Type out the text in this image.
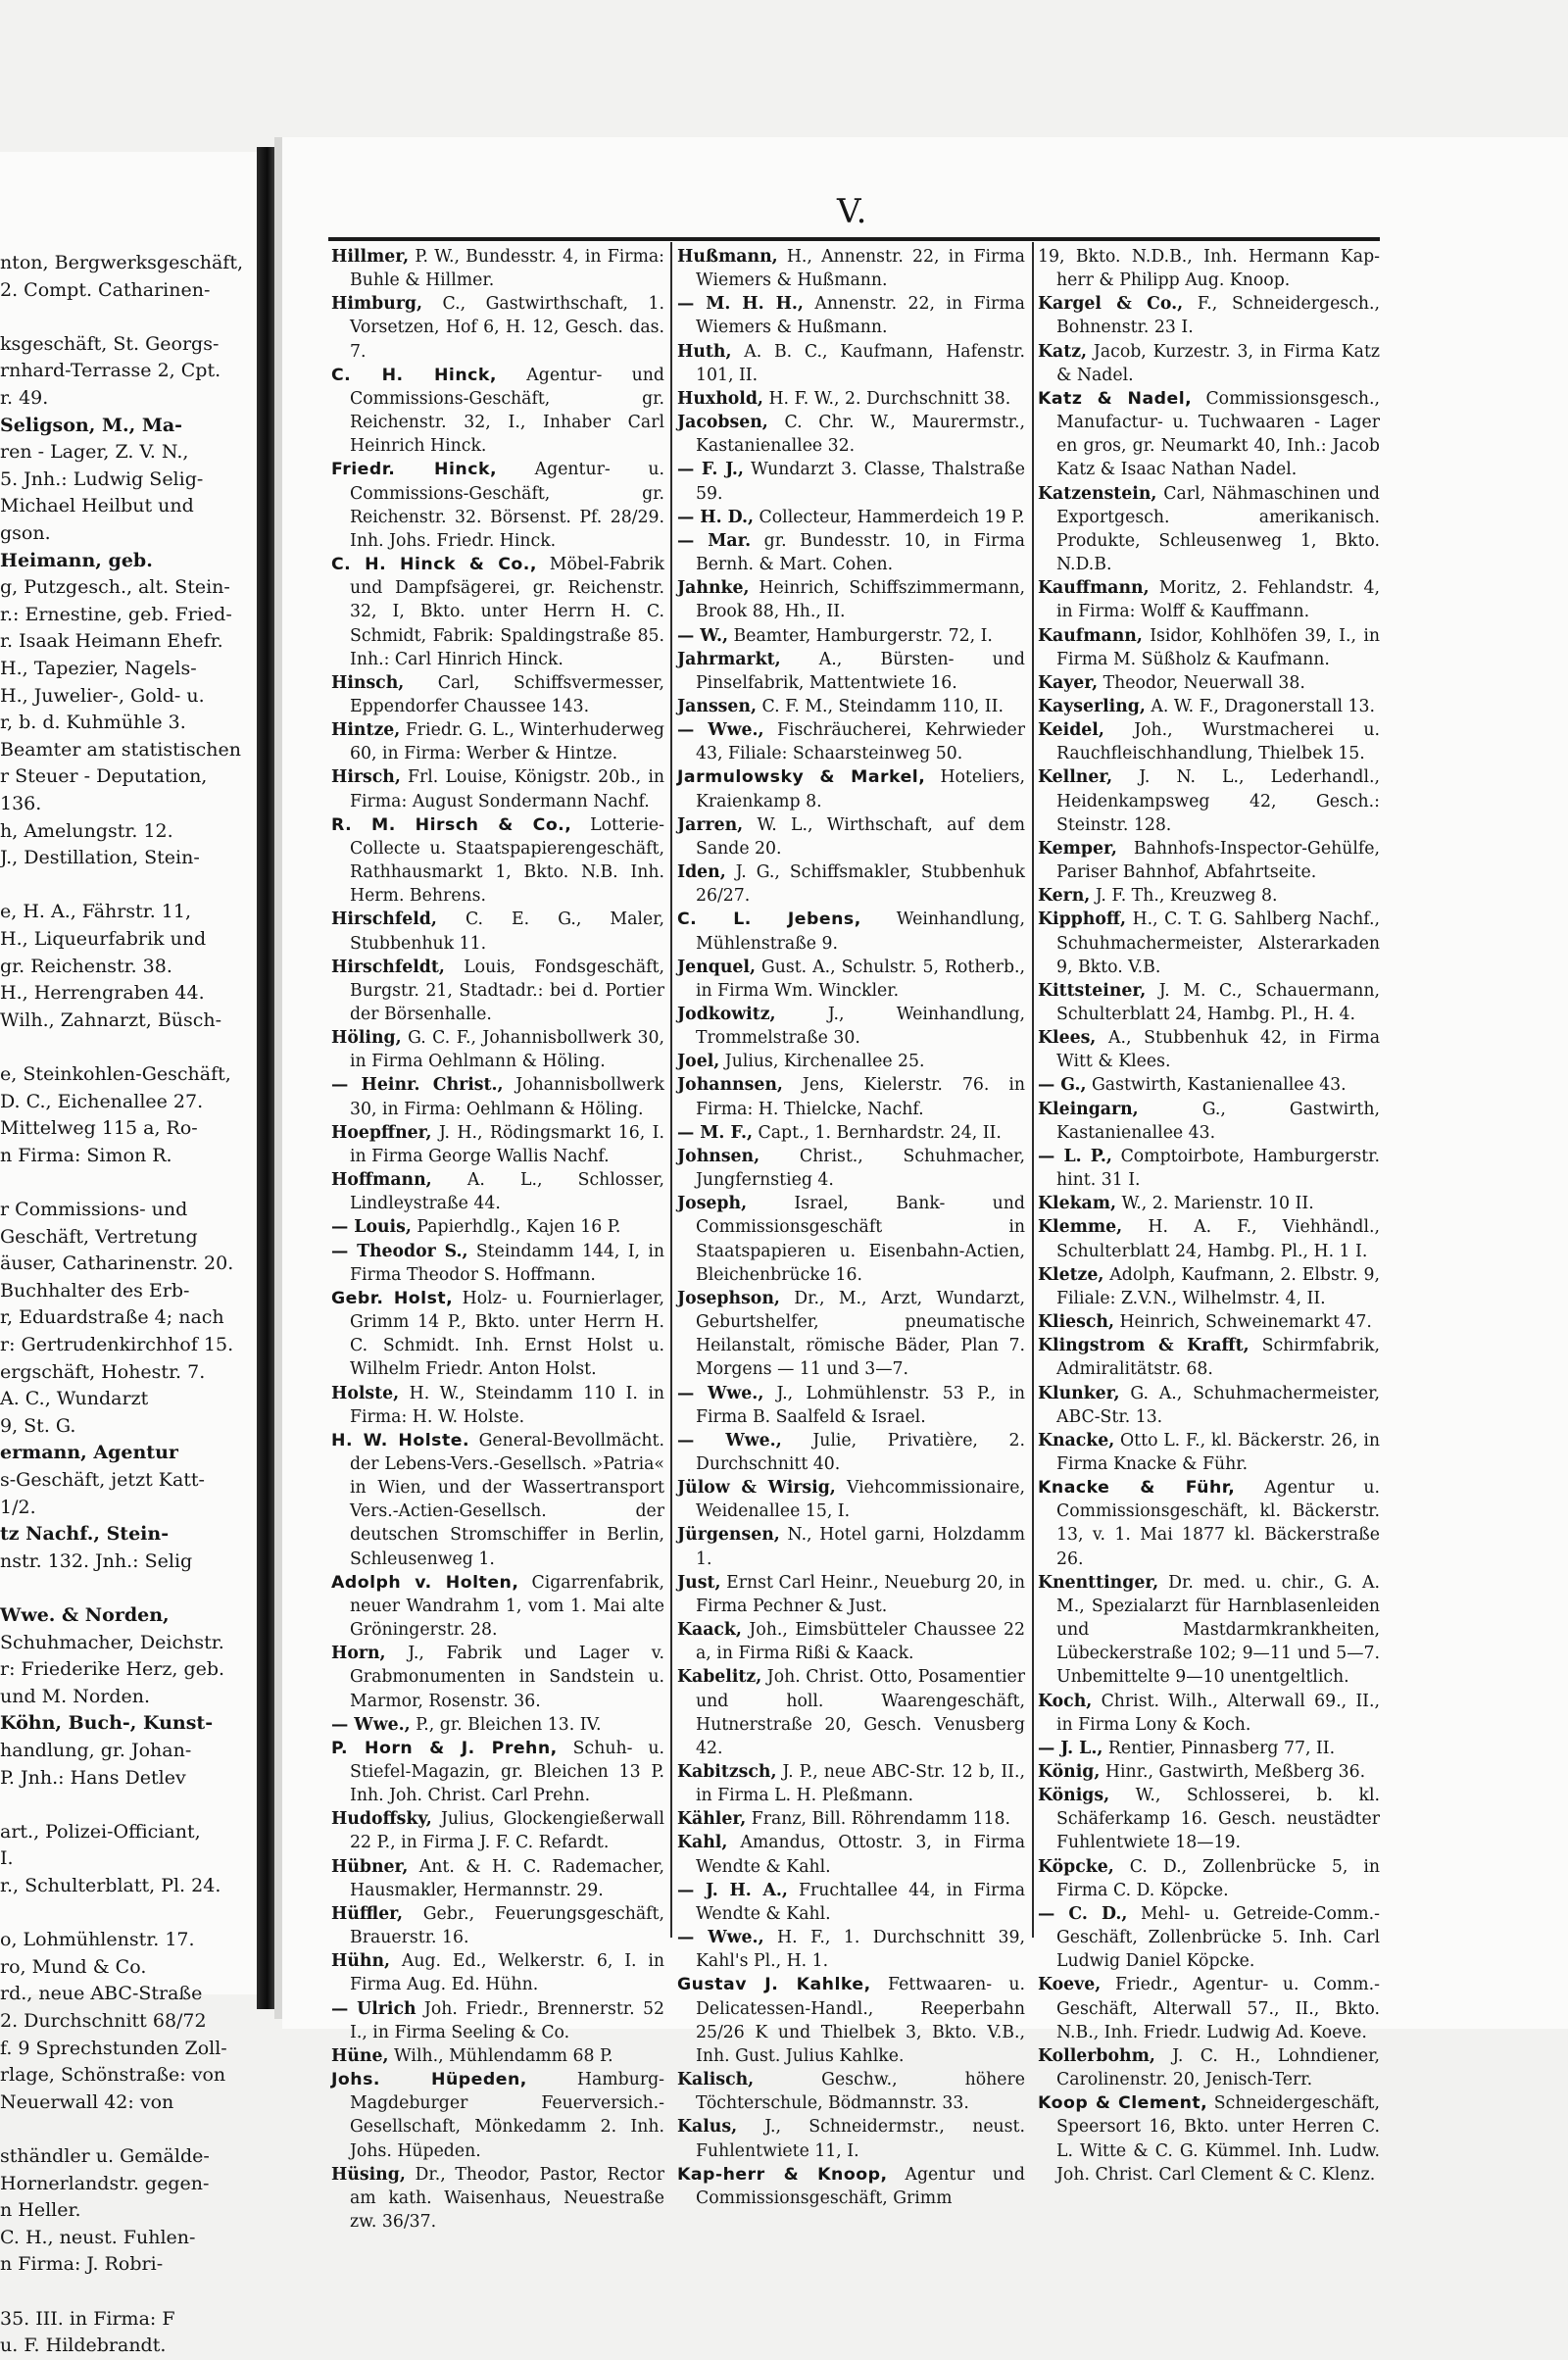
nton, Bergwerksgeschäft,
2. Compt. Catharinen-
ksgeschäft, St. Georgs-
rnhard-Terrasse 2, Cpt.
r. 49.
Seligson, M., Ma-
ren - Lager, Z. V. N.,
5. Jnh.: Ludwig Selig-
Michael Heilbut und
gson.
Heimann, geb.
g, Putzgesch., alt. Stein-
r.: Ernestine, geb. Fried-
r. Isaak Heimann Ehefr.
H., Tapezier, Nagels-
H., Juwelier-, Gold- u.
r, b. d. Kuhmühle 3.
Beamter am statistischen
r Steuer - Deputation,
136.
h, Amelungstr. 12.
J., Destillation, Stein-
e, H. A., Fährstr. 11,
H., Liqueurfabrik und
gr. Reichenstr. 38.
H., Herrengraben 44.
Wilh., Zahnarzt, Büsch-
e, Steinkohlen-Geschäft,
D. C., Eichenallee 27.
Mittelweg 115 a, Ro-
n Firma: Simon R.
r Commissions- und
Geschäft, Vertretung
äuser, Catharinenstr. 20.
Buchhalter des Erb-
r, Eduardstraße 4; nach
r: Gertrudenkirchhof 15.
ergschäft, Hohestr. 7.
A. C., Wundarzt
9, St. G.
ermann, Agentur
s-Geschäft, jetzt Katt-
1/2.
tz Nachf., Stein-
nstr. 132. Jnh.: Selig
Wwe. & Norden,
Schuhmacher, Deichstr.
r: Friederike Herz, geb.
und M. Norden.
Köhn, Buch-, Kunst-
handlung, gr. Johan-
P. Jnh.: Hans Detlev
art., Polizei-Officiant,
I.
r., Schulterblatt, Pl. 24.
o, Lohmühlenstr. 17.
ro, Mund & Co.
rd., neue ABC-Straße
2. Durchschnitt 68/72
f. 9 Sprechstunden Zoll-
rlage, Schönstraße: von
Neuerwall 42: von
sthändler u. Gemälde-
Hornerlandstr. gegen-
n Heller.
C. H., neust. Fuhlen-
n Firma: J. Robri-
35. III. in Firma: F
u. F. Hildebrandt.
V.
Hillmer, P. W., Bundesstr. 4, in Firma: Buhle & Hillmer.
Himburg, C., Gastwirthschaft, 1. Vorsetzen, Hof 6, H. 12, Gesch. das. 7.
C. H. Hinck, Agentur- und Commissions-Geschäft, gr. Reichenstr. 32, I., Inhaber Carl Heinrich Hinck.
Friedr. Hinck, Agentur- u. Commissions-Geschäft, gr. Reichenstr. 32. Börsenst. Pf. 28/29. Inh. Johs. Friedr. Hinck.
C. H. Hinck & Co., Möbel-Fabrik und Dampfsägerei, gr. Reichenstr. 32, I, Bkto. unter Herrn H. C. Schmidt, Fabrik: Spaldingstraße 85. Inh.: Carl Hinrich Hinck.
Hinsch, Carl, Schiffsvermesser, Eppendorfer Chaussee 143.
Hintze, Friedr. G. L., Winterhuderweg 60, in Firma: Werber & Hintze.
Hirsch, Frl. Louise, Königstr. 20b., in Firma: August Sondermann Nachf.
R. M. Hirsch & Co., Lotterie-Collecte u. Staatspapierengeschäft, Rathhausmarkt 1, Bkto. N.B. Inh. Herm. Behrens.
Hirschfeld, C. E. G., Maler, Stubbenhuk 11.
Hirschfeldt, Louis, Fondsgeschäft, Burgstr. 21, Stadtadr.: bei d. Portier der Börsenhalle.
Höling, G. C. F., Johannisbollwerk 30, in Firma Oehlmann & Höling.
— Heinr. Christ., Johannisbollwerk 30, in Firma: Oehlmann & Höling.
Hoepffner, J. H., Rödingsmarkt 16, I. in Firma George Wallis Nachf.
Hoffmann, A. L., Schlosser, Lindleystraße 44.
— Louis, Papierhdlg., Kajen 16 P.
— Theodor S., Steindamm 144, I, in Firma Theodor S. Hoffmann.
Gebr. Holst, Holz- u. Fournierlager, Grimm 14 P., Bkto. unter Herrn H. C. Schmidt. Inh. Ernst Holst u. Wilhelm Friedr. Anton Holst.
Holste, H. W., Steindamm 110 I. in Firma: H. W. Holste.
H. W. Holste. General-Bevollmächt. der Lebens-Vers.-Gesellsch. »Patria« in Wien, und der Wassertransport Vers.-Actien-Gesellsch. der deutschen Stromschiffer in Berlin, Schleusenweg 1.
Adolph v. Holten, Cigarrenfabrik, neuer Wandrahm 1, vom 1. Mai alte Gröningerstr. 28.
Horn, J., Fabrik und Lager v. Grabmonumenten in Sandstein u. Marmor, Rosenstr. 36.
— Wwe., P., gr. Bleichen 13. IV.
P. Horn & J. Prehn, Schuh- u. Stiefel-Magazin, gr. Bleichen 13 P. Inh. Joh. Christ. Carl Prehn.
Hudoffsky, Julius, Glockengießerwall 22 P., in Firma J. F. C. Refardt.
Hübner, Ant. & H. C. Rademacher, Hausmakler, Hermannstr. 29.
Hüffler, Gebr., Feuerungsgeschäft, Brauerstr. 16.
Hühn, Aug. Ed., Welkerstr. 6, I. in Firma Aug. Ed. Hühn.
— Ulrich Joh. Friedr., Brennerstr. 52 I., in Firma Seeling & Co.
Hüne, Wilh., Mühlendamm 68 P.
Johs. Hüpeden, Hamburg-Magdeburger Feuerversich.-Gesellschaft, Mönkedamm 2. Inh. Johs. Hüpeden.
Hüsing, Dr., Theodor, Pastor, Rector am kath. Waisenhaus, Neuestraße zw. 36/37.
Hußmann, H., Annenstr. 22, in Firma Wiemers & Hußmann.
— M. H. H., Annenstr. 22, in Firma Wiemers & Hußmann.
Huth, A. B. C., Kaufmann, Hafenstr. 101, II.
Huxhold, H. F. W., 2. Durchschnitt 38.
Jacobsen, C. Chr. W., Maurermstr., Kastanienallee 32.
— F. J., Wundarzt 3. Classe, Thalstraße 59.
— H. D., Collecteur, Hammerdeich 19 P.
— Mar. gr. Bundesstr. 10, in Firma Bernh. & Mart. Cohen.
Jahnke, Heinrich, Schiffszimmermann, Brook 88, Hh., II.
— W., Beamter, Hamburgerstr. 72, I.
Jahrmarkt, A., Bürsten- und Pinselfabrik, Mattentwiete 16.
Janssen, C. F. M., Steindamm 110, II.
— Wwe., Fischräucherei, Kehrwieder 43, Filiale: Schaarsteinweg 50.
Jarmulowsky & Markel, Hoteliers, Kraienkamp 8.
Jarren, W. L., Wirthschaft, auf dem Sande 20.
Iden, J. G., Schiffsmakler, Stubbenhuk 26/27.
C. L. Jebens, Weinhandlung, Mühlenstraße 9.
Jenquel, Gust. A., Schulstr. 5, Rotherb., in Firma Wm. Winckler.
Jodkowitz, J., Weinhandlung, Trommelstraße 30.
Joel, Julius, Kirchenallee 25.
Johannsen, Jens, Kielerstr. 76. in Firma: H. Thielcke, Nachf.
— M. F., Capt., 1. Bernhardstr. 24, II.
Johnsen, Christ., Schuhmacher, Jungfernstieg 4.
Joseph, Israel, Bank- und Commissionsgeschäft in Staatspapieren u. Eisenbahn-Actien, Bleichenbrücke 16.
Josephson, Dr., M., Arzt, Wundarzt, Geburtshelfer, pneumatische Heilanstalt, römische Bäder, Plan 7. Morgens — 11 und 3—7.
— Wwe., J., Lohmühlenstr. 53 P., in Firma B. Saalfeld & Israel.
— Wwe., Julie, Privatière, 2. Durchschnitt 40.
Jülow & Wirsig, Viehcommissionaire, Weidenallee 15, I.
Jürgensen, N., Hotel garni, Holzdamm 1.
Just, Ernst Carl Heinr., Neueburg 20, in Firma Pechner & Just.
Kaack, Joh., Eimsbütteler Chaussee 22 a, in Firma Rißi & Kaack.
Kabelitz, Joh. Christ. Otto, Posamentier und holl. Waarengeschäft, Hutnerstraße 20, Gesch. Venusberg 42.
Kabitzsch, J. P., neue ABC-Str. 12 b, II., in Firma L. H. Pleßmann.
Kähler, Franz, Bill. Röhrendamm 118.
Kahl, Amandus, Ottostr. 3, in Firma Wendte & Kahl.
— J. H. A., Fruchtallee 44, in Firma Wendte & Kahl.
— Wwe., H. F., 1. Durchschnitt 39, Kahl's Pl., H. 1.
Gustav J. Kahlke, Fettwaaren- u. Delicatessen-Handl., Reeperbahn 25/26 K und Thielbek 3, Bkto. V.B., Inh. Gust. Julius Kahlke.
Kalisch, Geschw., höhere Töchterschule, Bödmannstr. 33.
Kalus, J., Schneidermstr., neust. Fuhlentwiete 11, I.
Kap-herr & Knoop, Agentur und Commissionsgeschäft, Grimm
19, Bkto. N.D.B., Inh. Hermann Kap-herr & Philipp Aug. Knoop.
Kargel & Co., F., Schneidergesch., Bohnenstr. 23 I.
Katz, Jacob, Kurzestr. 3, in Firma Katz & Nadel.
Katz & Nadel, Commissionsgesch., Manufactur- u. Tuchwaaren - Lager en gros, gr. Neumarkt 40, Inh.: Jacob Katz & Isaac Nathan Nadel.
Katzenstein, Carl, Nähmaschinen und Exportgesch. amerikanisch. Produkte, Schleusenweg 1, Bkto. N.D.B.
Kauffmann, Moritz, 2. Fehlandstr. 4, in Firma: Wolff & Kauffmann.
Kaufmann, Isidor, Kohlhöfen 39, I., in Firma M. Süßholz & Kaufmann.
Kayer, Theodor, Neuerwall 38.
Kayserling, A. W. F., Dragonerstall 13.
Keidel, Joh., Wurstmacherei u. Rauchfleischhandlung, Thielbek 15.
Kellner, J. N. L., Lederhandl., Heidenkampsweg 42, Gesch.: Steinstr. 128.
Kemper, Bahnhofs-Inspector-Gehülfe, Pariser Bahnhof, Abfahrtseite.
Kern, J. F. Th., Kreuzweg 8.
Kipphoff, H., C. T. G. Sahlberg Nachf., Schuhmachermeister, Alsterarkaden 9, Bkto. V.B.
Kittsteiner, J. M. C., Schauermann, Schulterblatt 24, Hambg. Pl., H. 4.
Klees, A., Stubbenhuk 42, in Firma Witt & Klees.
— G., Gastwirth, Kastanienallee 43.
Kleingarn, G., Gastwirth, Kastanienallee 43.
— L. P., Comptoirbote, Hamburgerstr. hint. 31 I.
Klekam, W., 2. Marienstr. 10 II.
Klemme, H. A. F., Viehhändl., Schulterblatt 24, Hambg. Pl., H. 1 I.
Kletze, Adolph, Kaufmann, 2. Elbstr. 9, Filiale: Z.V.N., Wilhelmstr. 4, II.
Kliesch, Heinrich, Schweinemarkt 47.
Klingstrom & Krafft, Schirmfabrik, Admiralitätstr. 68.
Klunker, G. A., Schuhmachermeister, ABC-Str. 13.
Knacke, Otto L. F., kl. Bäckerstr. 26, in Firma Knacke & Führ.
Knacke & Führ, Agentur u. Commissionsgeschäft, kl. Bäckerstr. 13, v. 1. Mai 1877 kl. Bäckerstraße 26.
Knenttinger, Dr. med. u. chir., G. A. M., Spezialarzt für Harnblasenleiden und Mastdarmkrankheiten, Lübeckerstraße 102; 9—11 und 5—7. Unbemittelte 9—10 unentgeltlich.
Koch, Christ. Wilh., Alterwall 69., II., in Firma Lony & Koch.
— J. L., Rentier, Pinnasberg 77, II.
König, Hinr., Gastwirth, Meßberg 36.
Königs, W., Schlosserei, b. kl. Schäferkamp 16. Gesch. neustädter Fuhlentwiete 18—19.
Köpcke, C. D., Zollenbrücke 5, in Firma C. D. Köpcke.
— C. D., Mehl- u. Getreide-Comm.-Geschäft, Zollenbrücke 5. Inh. Carl Ludwig Daniel Köpcke.
Koeve, Friedr., Agentur- u. Comm.-Geschäft, Alterwall 57., II., Bkto. N.B., Inh. Friedr. Ludwig Ad. Koeve.
Kollerbohm, J. C. H., Lohndiener, Carolinenstr. 20, Jenisch-Terr.
Koop & Clement, Schneidergeschäft, Speersort 16, Bkto. unter Herren C. L. Witte & C. G. Kümmel. Inh. Ludw. Joh. Christ. Carl Clement & C. Klenz.
